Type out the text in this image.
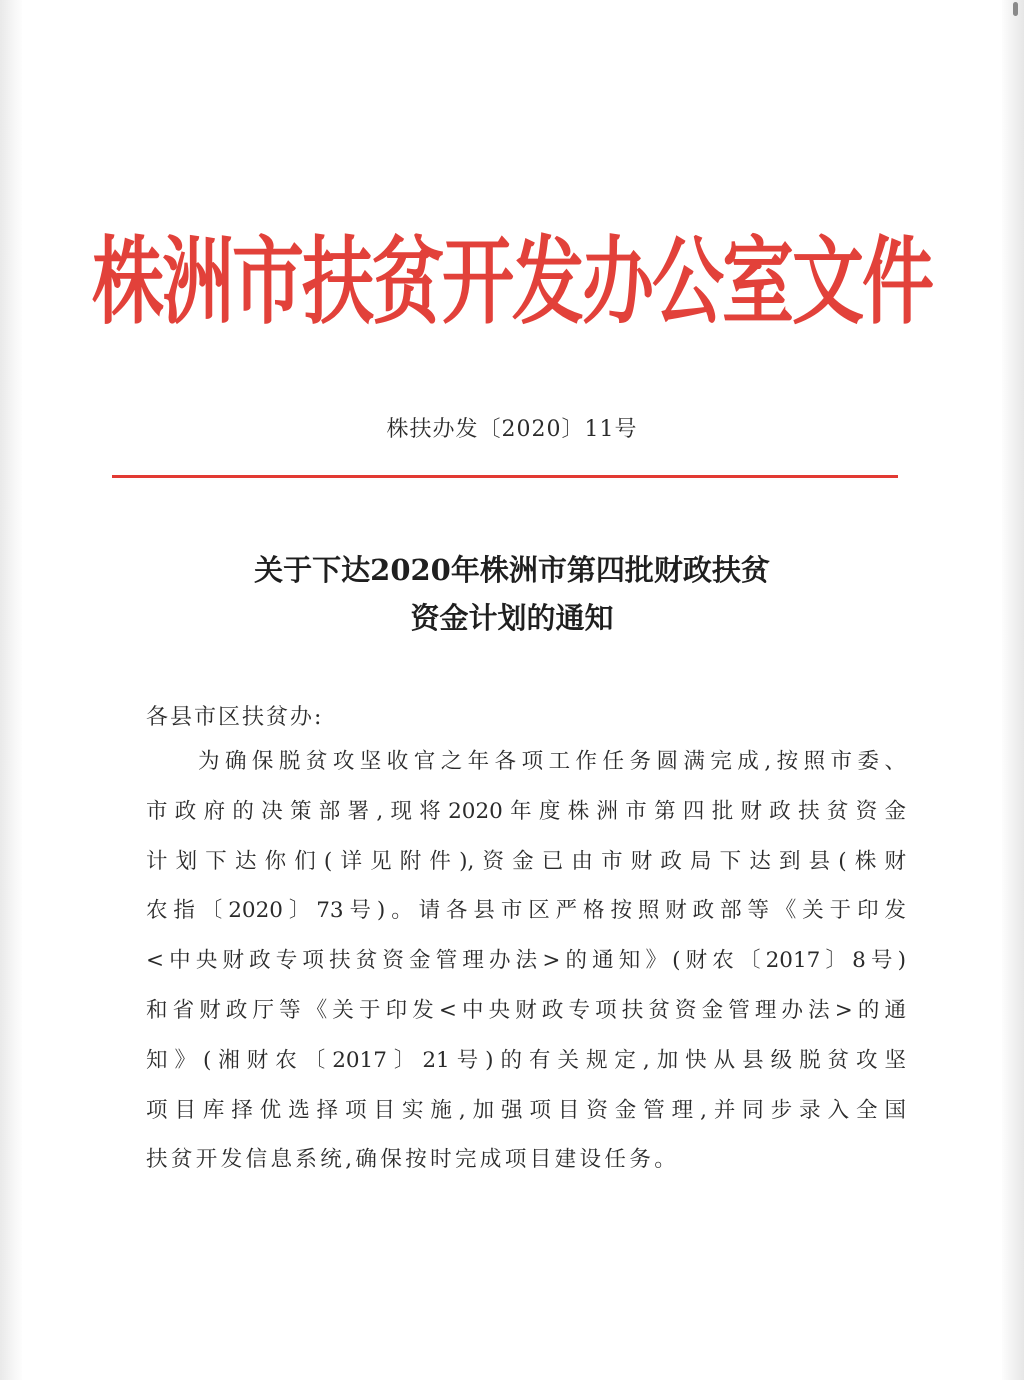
株洲市扶贫开发办公室文件
株扶办发〔2020〕11号
关于下达2020年株洲市第四批财政扶贫
资金计划的通知
各县市区扶贫办:
为确保脱贫攻坚收官之年各项工作任务圆满完成,按照市委、
市政府的决策部署,现将2020年度株洲市第四批财政扶贫资金
计划下达你们(详见附件),资金已由市财政局下达到县(株财
农指〔2020〕73号)。请各县市区严格按照财政部等《关于印发
<中央财政专项扶贫资金管理办法>的通知》(财农〔2017〕8号)
和省财政厅等《关于印发<中央财政专项扶贫资金管理办法>的通
知》(湘财农〔2017〕21号)的有关规定,加快从县级脱贫攻坚
项目库择优选择项目实施,加强项目资金管理,并同步录入全国
扶贫开发信息系统,确保按时完成项目建设任务。
